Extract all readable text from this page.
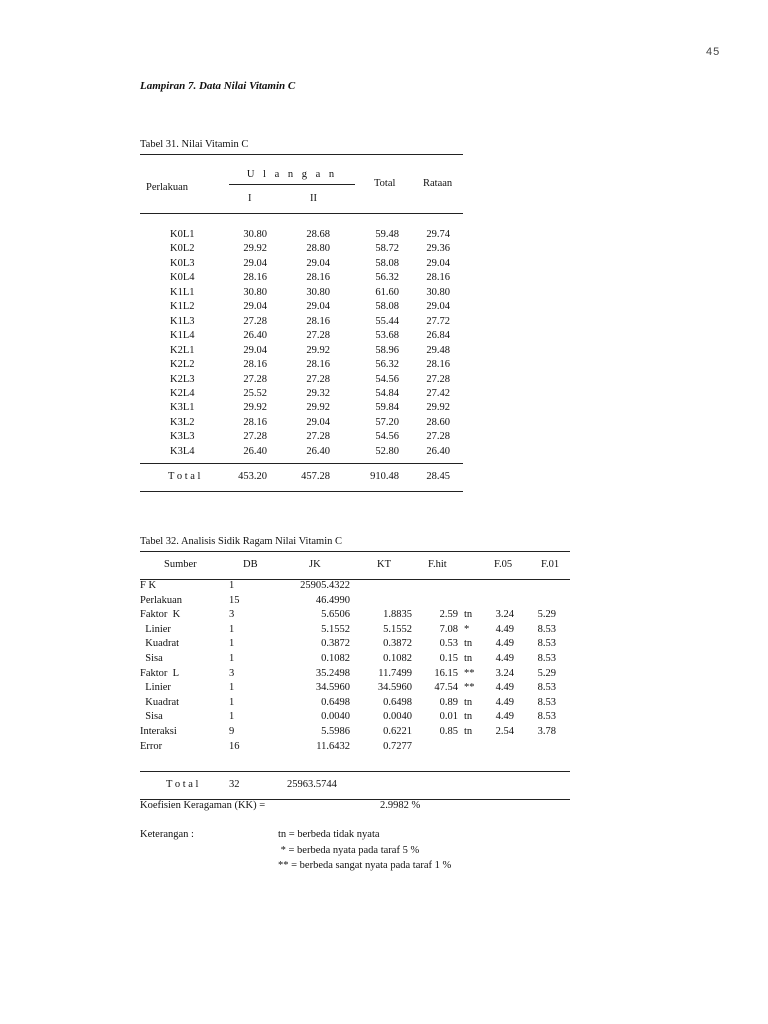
45
Lampiran 7. Data Nilai Vitamin C
Tabel 31. Nilai Vitamin C
U l a n g a n
Perlakuan	Total	Rataan
I	II
K0L1	30.80	28.68	59.48	29.74
K0L2	29.92	28.80	58.72	29.36
K0L3	29.04	29.04	58.08	29.04
K0L4	28.16	28.16	56.32	28.16
K1L1	30.80	30.80	61.60	30.80
K1L2	29.04	29.04	58.08	29.04
K1L3	27.28	28.16	55.44	27.72
K1L4	26.40	27.28	53.68	26.84
K2L1	29.04	29.92	58.96	29.48
K2L2	28.16	28.16	56.32	28.16
K2L3	27.28	27.28	54.56	27.28
K2L4	25.52	29.32	54.84	27.42
K3L1	29.92	29.92	59.84	29.92
K3L2	28.16	29.04	57.20	28.60
K3L3	27.28	27.28	54.56	27.28
K3L4	26.40	26.40	52.80	26.40
T o t a l	453.20	457.28	910.48	28.45
Tabel 32. Analisis Sidik Ragam Nilai Vitamin C
Sumber	DB	JK	KT	F.hit	F.05	F.01
F K	1	25905.4322
Perlakuan	15	46.4990
Faktor  K	3	5.6506	1.8835	2.59 tn	3.24	5.29
Linier	1	5.1552	5.1552	7.08 *	4.49	8.53
Kuadrat	1	0.3872	0.3872	0.53 tn	4.49	8.53
Sisa	1	0.1082	0.1082	0.15 tn	4.49	8.53
Faktor  L	3	35.2498	11.7499	16.15 **	3.24	5.29
Linier	1	34.5960	34.5960	47.54 **	4.49	8.53
Kuadrat	1	0.6498	0.6498	0.89 tn	4.49	8.53
Sisa	1	0.0040	0.0040	0.01 tn	4.49	8.53
Interaksi	9	5.5986	0.6221	0.85 tn	2.54	3.78
Error	16	11.6432	0.7277
T o t a l	32	25963.5744
Koefisien Keragaman (KK) =	2.9982 %
Keterangan :	tn = berbeda tidak nyata
* = berbeda nyata pada taraf 5 %
** = berbeda sangat nyata pada taraf 1 %
